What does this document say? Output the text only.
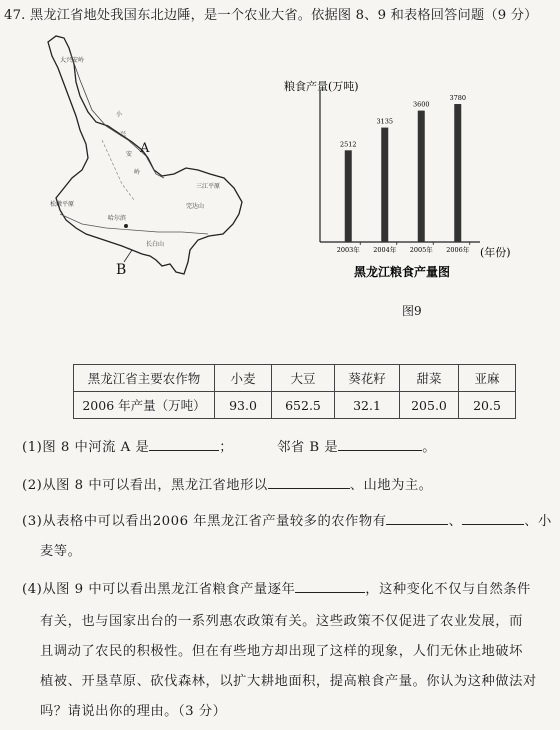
47. 黑龙江省地处我国东北边陲，是一个农业大省。依据图 8、9 和表格回答问题（9 分）
大兴安岭
小
兴
安
岭
松嫩平原
哈尔滨
三江平原
完达山
长白山
A
B
粮食产量(万吨)
2512
2003年
3135
2004年
3600
2005年
3780
2006年 (年份)
黑龙江粮食产量图
图9
黑龙江省主要农作物	小麦	大豆	葵花籽	甜菜	亚麻
2006 年产量（万吨）	93.0	652.5	32.1	205.0	20.5
(1)图 8 中河流 A 是	；	邻省 B 是	。
(2)从图 8 中可以看出，黑龙江省地形以	、山地为主。
(3)从表格中可以看出2006 年黑龙江省产量较多的农作物有	、	、小
麦等。
(4)从图 9 中可以看出黑龙江省粮食产量逐年	，这种变化不仅与自然条件
有关，也与国家出台的一系列惠农政策有关。这些政策不仅促进了农业发展，而
且调动了农民的积极性。但在有些地方却出现了这样的现象，人们无休止地破坏
植被、开垦草原、砍伐森林，以扩大耕地面积，提高粮食产量。你认为这种做法对
吗？请说出你的理由。（3 分）
